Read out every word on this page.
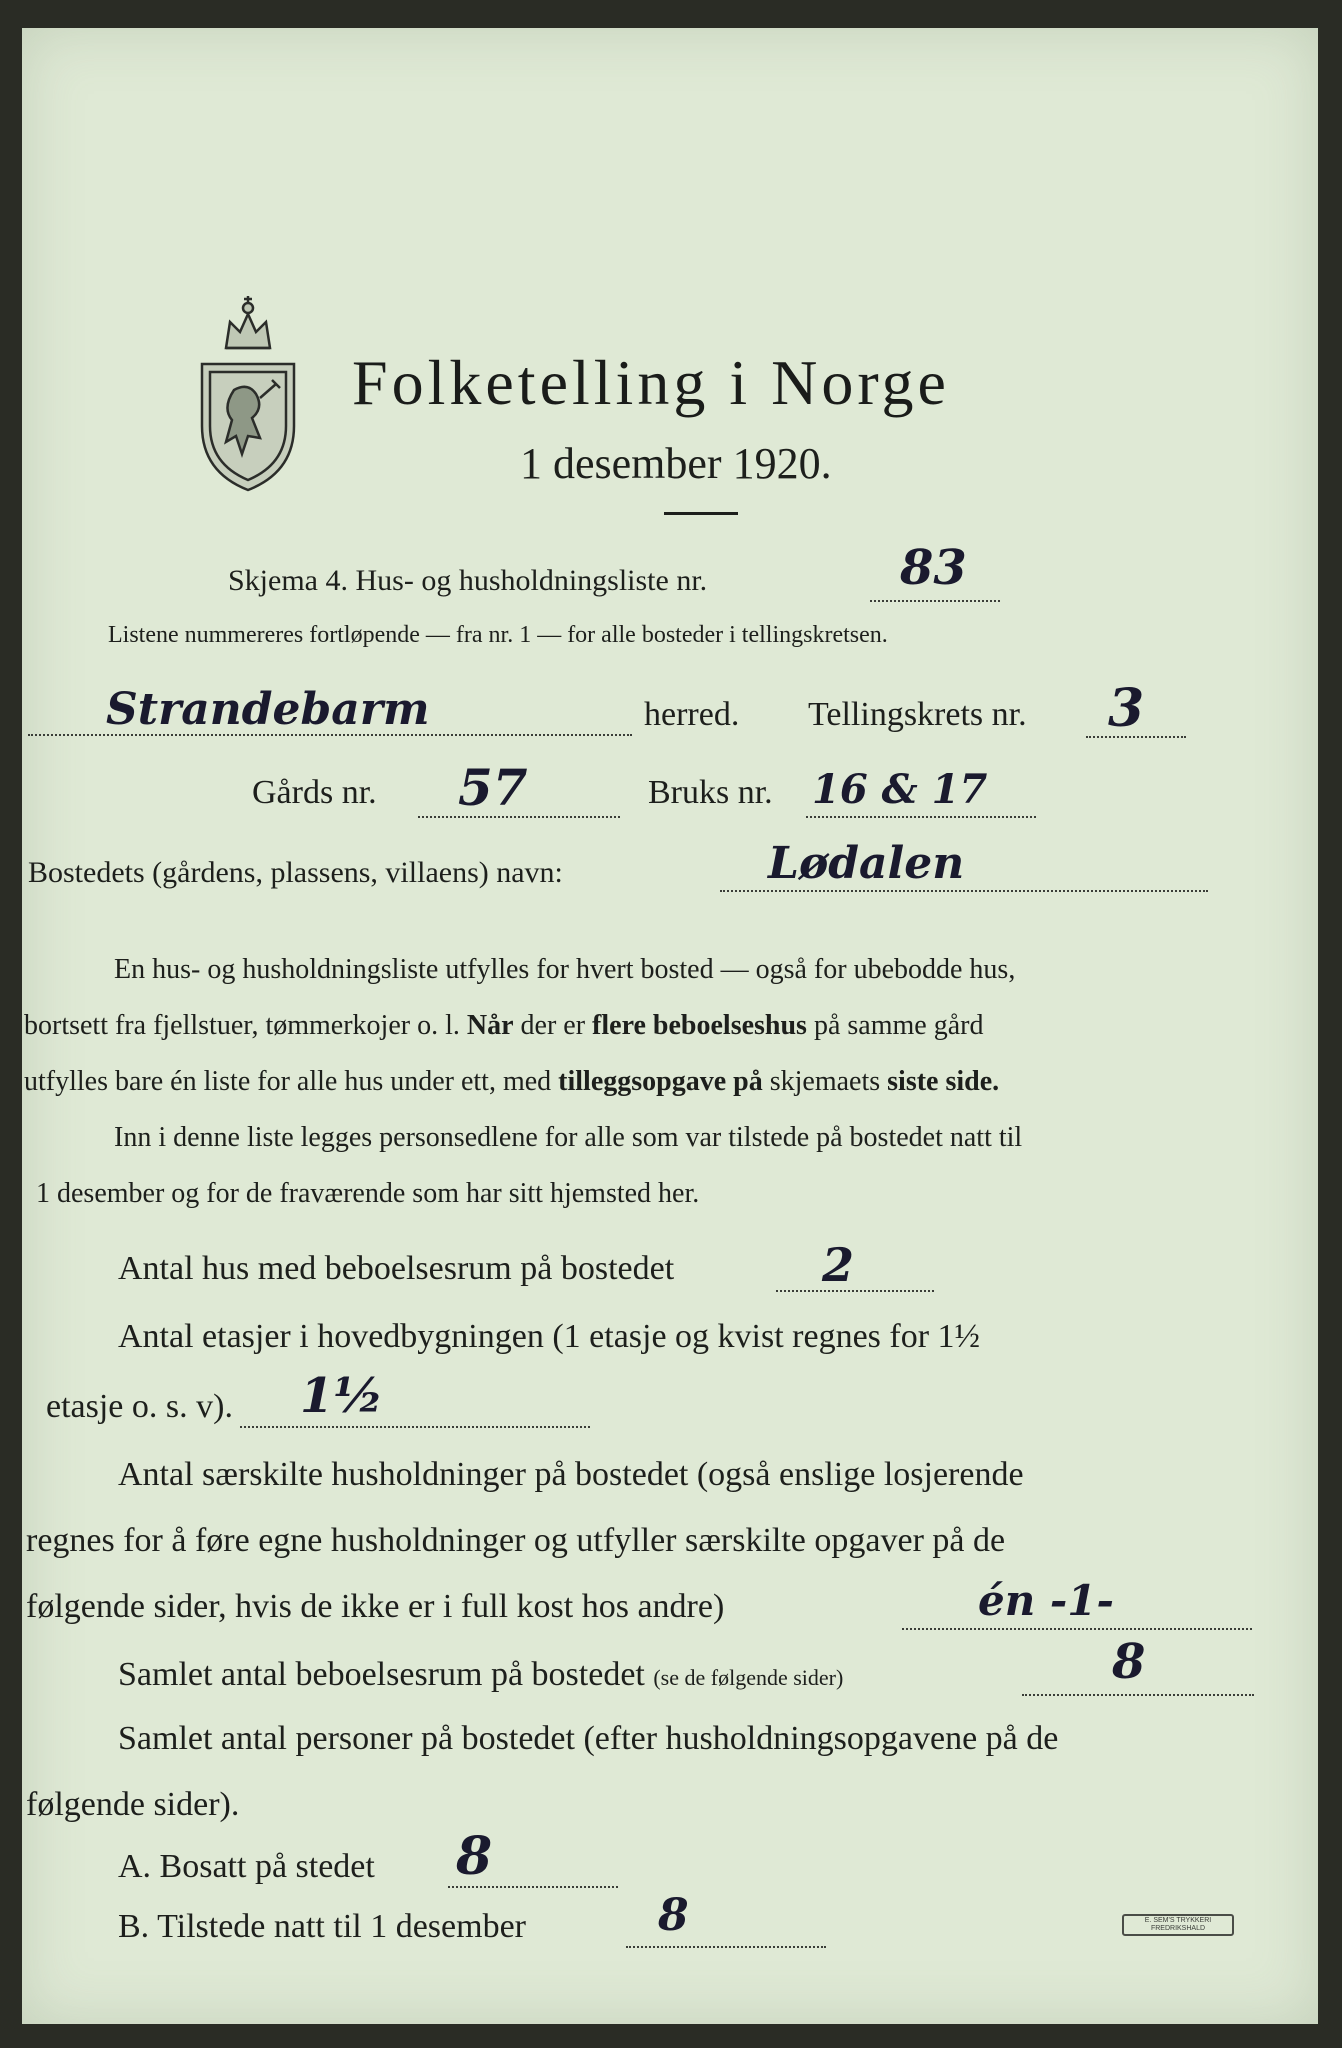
Folketelling i Norge
1 desember 1920.
Skjema 4. Hus- og husholdningsliste nr.	83
Listene nummereres fortløpende — fra nr. 1 — for alle bosteder i tellingskretsen.
Strandebarm	herred. Tellingskrets nr. 3
Gårds nr. 57	Bruks nr. 16 & 17
Bostedets (gårdens, plassens, villaens) navn:	Lødalen
En hus- og husholdningsliste utfylles for hvert bosted — også for ubebodde hus,
bortsett fra fjellstuer, tømmerkojer o. l. Når der er flere beboelseshus på samme gård
utfylles bare én liste for alle hus under ett, med tilleggsopgave på skjemaets siste side.
Inn i denne liste legges personsedlene for alle som var tilstede på bostedet natt til
1 desember og for de fraværende som har sitt hjemsted her.
Antal hus med beboelsesrum på bostedet	2
Antal etasjer i hovedbygningen (1 etasje og kvist regnes for 1½
etasje o. s. v). 1½
Antal særskilte husholdninger på bostedet (også enslige losjerende
regnes for å føre egne husholdninger og utfyller særskilte opgaver på de
følgende sider, hvis de ikke er i full kost hos andre)	én -1-
Samlet antal beboelsesrum på bostedet (se de følgende sider)	8
Samlet antal personer på bostedet (efter husholdningsopgavene på de
følgende sider).
A. Bosatt på stedet 8
B. Tilstede natt til 1 desember	8	E. SEM'S TRYKKERI
FREDRIKSHALD
